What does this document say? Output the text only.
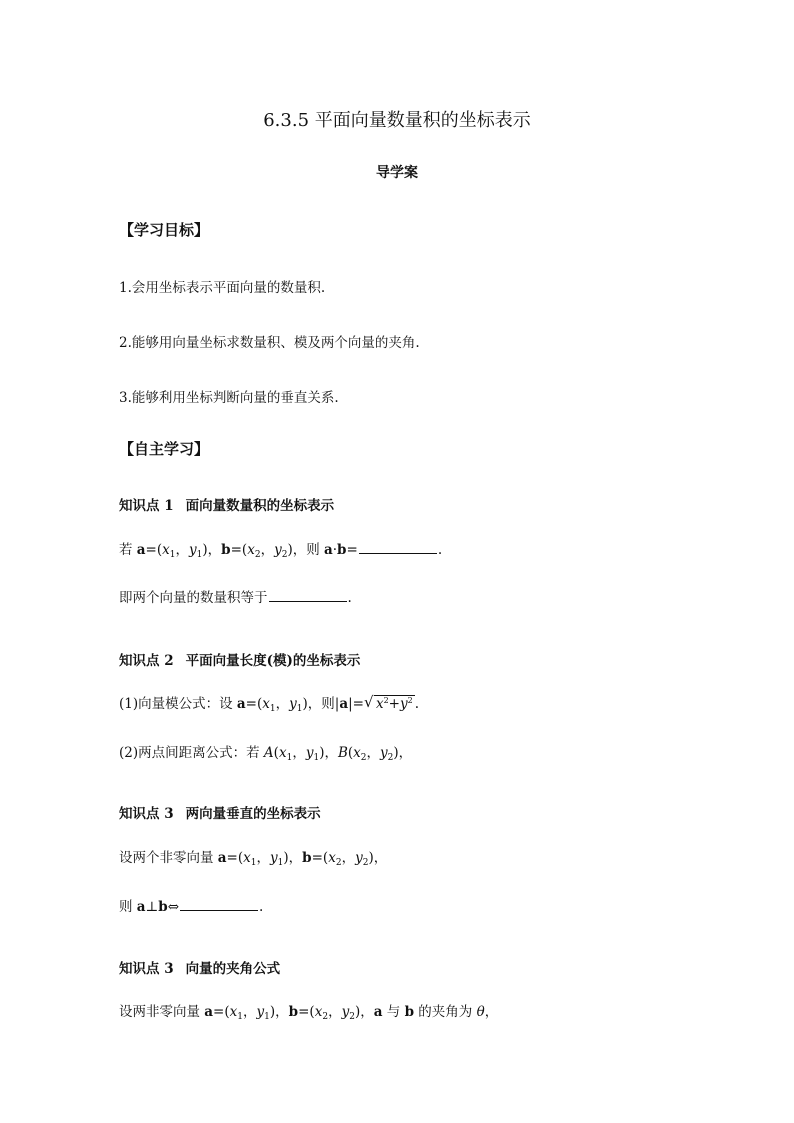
6.3.5 平面向量数量积的坐标表示
导学案
【学习目标】
1.会用坐标表示平面向量的数量积.
2.能够用向量坐标求数量积、模及两个向量的夹角.
3.能够利用坐标判断向量的垂直关系.
【自主学习】
知识点 1 面向量数量积的坐标表示
若 $a=(x_1$，$y_1$)，$b=(x_2$，$y_2$)，则 a·b=	.
即两个向量的数量积等于	.
知识点 2 平面向量长度(模)的坐标表示
(1)向量模公式：设 $a=(x_1$，$y_1$)，则|a|= √ $x^2+y^2$ .
(2)两点间距离公式：若 $A(x_1$，$y_1$)，$B(x_2$，$y_2$)，
知识点 3 两向量垂直的坐标表示
设两个非零向量 $a=(x_1$，$y_1$)，$b=(x_2$，$y_2$)，
则 a⊥b⇔	.
知识点 3 向量的夹角公式
设两非零向量 $a=(x_1$，$y_1$)，$b=(x_2$，$y_2$)，a 与 b 的夹角为 θ，
